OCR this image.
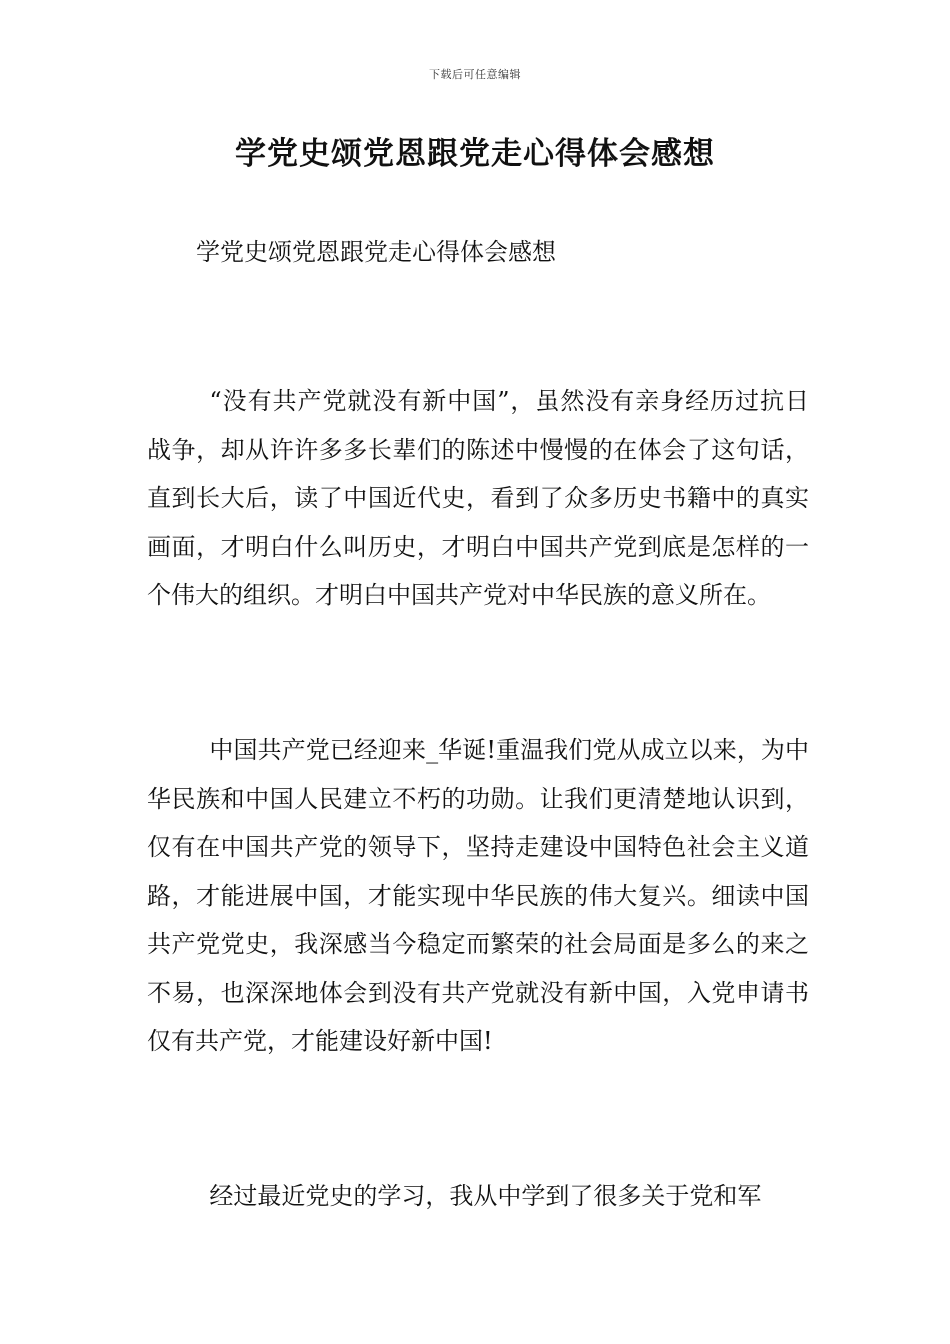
下载后可任意编辑
学党史颂党恩跟党走心得体会感想

学党史颂党恩跟党走心得体会感想

“没有共产党就没有新中国”，虽然没有亲身经历过抗日战争，却从许许多多长辈们的陈述中慢慢的在体会了这句话，直到长大后，读了中国近代史，看到了众多历史书籍中的真实画面，才明白什么叫历史，才明白中国共产党到底是怎样的一个伟大的组织。才明白中国共产党对中华民族的意义所在。

中国共产党已经迎来_华诞!重温我们党从成立以来，为中华民族和中国人民建立不朽的功勋。让我们更清楚地认识到，仅有在中国共产党的领导下，坚持走建设中国特色社会主义道路，才能进展中国，才能实现中华民族的伟大复兴。细读中国共产党党史，我深感当今稳定而繁荣的社会局面是多么的来之不易，也深深地体会到没有共产党就没有新中国，入党申请书仅有共产党，才能建设好新中国!

经过最近党史的学习，我从中学到了很多关于党和军
